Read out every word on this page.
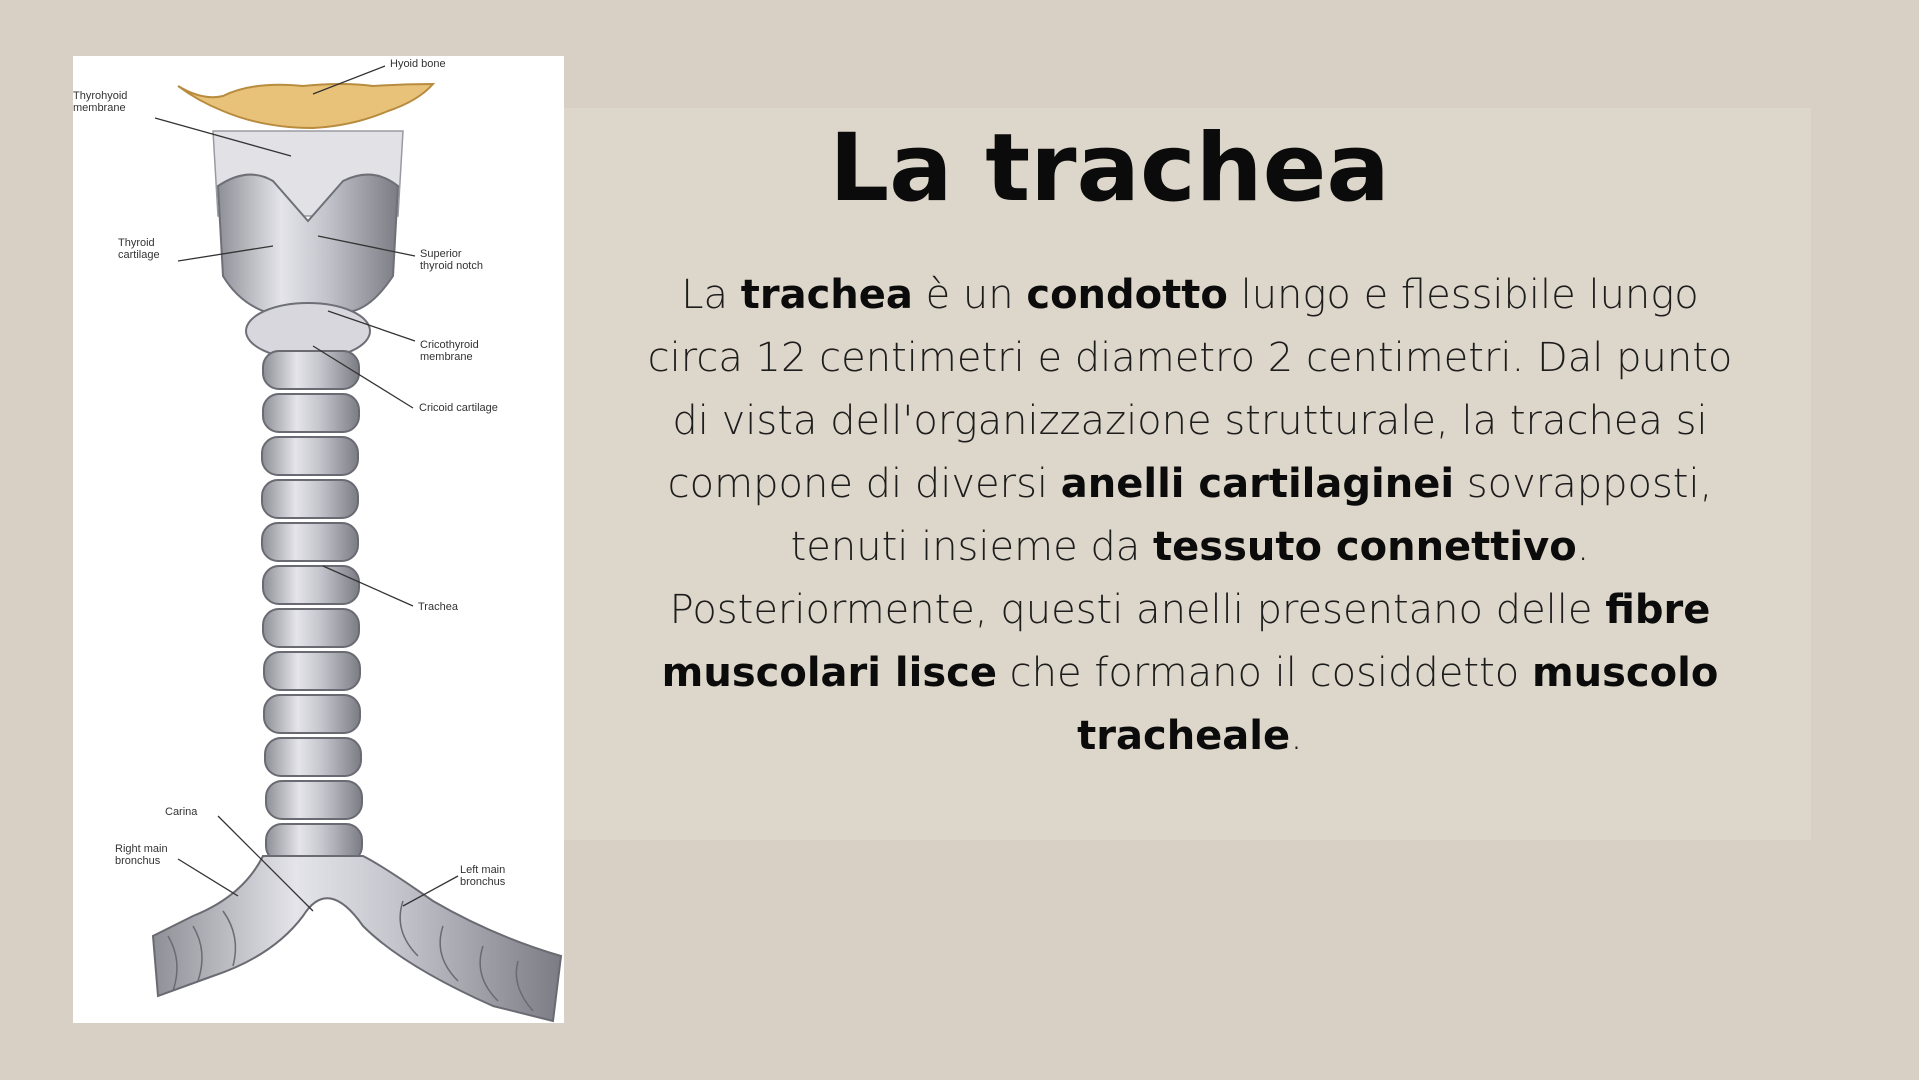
Hyoid bone
Thyrohyoid
membrane
Thyroid
cartilage	Superior
thyroid notch
Cricothyroid
membrane
Cricoid cartilage
Trachea
Carina
Right main
bronchus
Left main
bronchus
La trachea

La trachea è un condotto lungo e flessibile lungo circa 12 centimetri e diametro 2 centimetri. Dal punto di vista dell'organizzazione strutturale, la trachea si compone di diversi anelli cartilaginei sovrapposti, tenuti insieme da tessuto connettivo. Posteriormente, questi anelli presentano delle fibre muscolari lisce che formano il cosiddetto muscolo tracheale.
